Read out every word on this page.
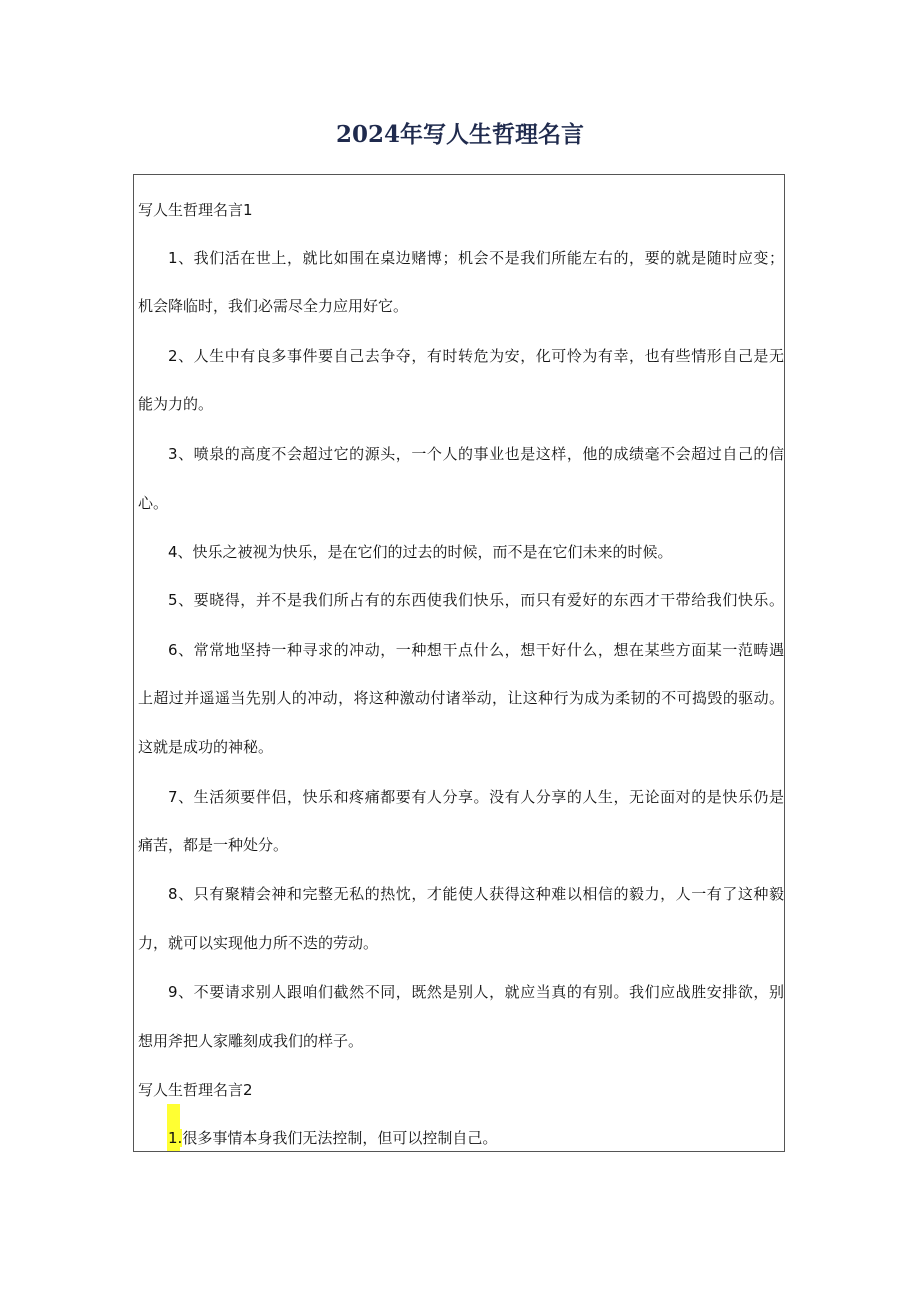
2024年写人生哲理名言
写人生哲理名言1
1、我们活在世上，就比如围在桌边赌博；机会不是我们所能左右的，要的就是随时应变；
机会降临时，我们必需尽全力应用好它。
2、人生中有良多事件要自己去争夺，有时转危为安，化可怜为有幸，也有些情形自己是无
能为力的。
3、喷泉的高度不会超过它的源头，一个人的事业也是这样，他的成绩毫不会超过自己的信
心。
4、快乐之被视为快乐，是在它们的过去的时候，而不是在它们未来的时候。
5、要晓得，并不是我们所占有的东西使我们快乐，而只有爱好的东西才干带给我们快乐。
6、常常地坚持一种寻求的冲动，一种想干点什么，想干好什么，想在某些方面某一范畴遇
上超过并遥遥当先别人的冲动，将这种激动付诸举动，让这种行为成为柔韧的不可捣毁的驱动。
这就是成功的神秘。
7、生活须要伴侣，快乐和疼痛都要有人分享。没有人分享的人生，无论面对的是快乐仍是
痛苦，都是一种处分。
8、只有聚精会神和完整无私的热忱，才能使人获得这种难以相信的毅力，人一有了这种毅
力，就可以实现他力所不迭的劳动。
9、不要请求别人跟咱们截然不同，既然是别人，就应当真的有别。我们应战胜安排欲，别
想用斧把人家雕刻成我们的样子。
写人生哲理名言2
1.很多事情本身我们无法控制，但可以控制自己。
